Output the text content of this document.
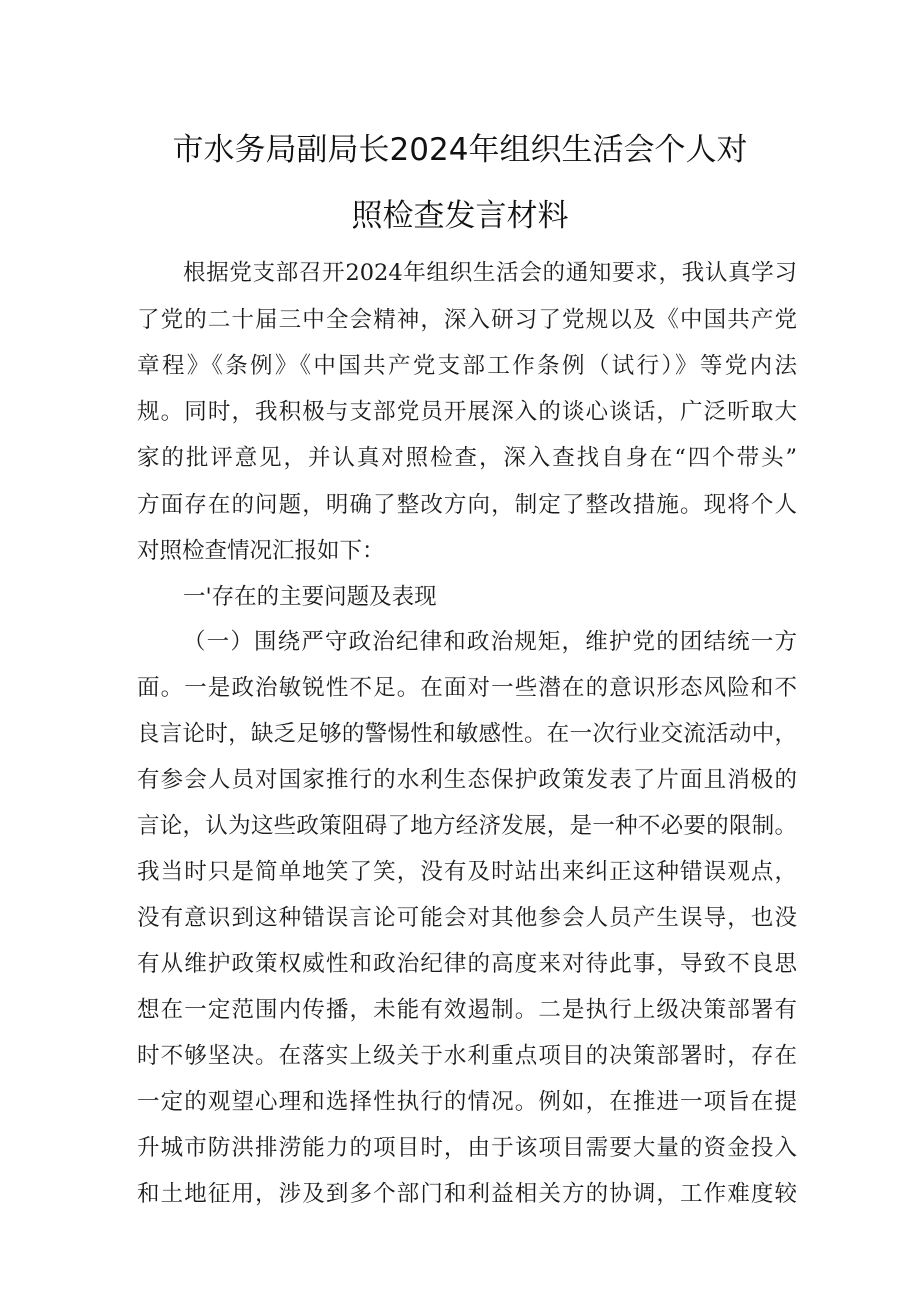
市水务局副局长2024年组织生活会个人对
照检查发言材料
根据党支部召开2024年组织生活会的通知要求，我认真学习
了党的二十届三中全会精神，深入研习了党规以及《中国共产党
章程》《条例》《中国共产党支部工作条例（试行）》等党内法
规。同时，我积极与支部党员开展深入的谈心谈话，广泛听取大
家的批评意见，并认真对照检查，深入查找自身在“四个带头”
方面存在的问题，明确了整改方向，制定了整改措施。现将个人
对照检查情况汇报如下：
一'存在的主要问题及表现
（一）围绕严守政治纪律和政治规矩，维护党的团结统一方
面。一是政治敏锐性不足。在面对一些潜在的意识形态风险和不
良言论时，缺乏足够的警惕性和敏感性。在一次行业交流活动中，
有参会人员对国家推行的水利生态保护政策发表了片面且消极的
言论，认为这些政策阻碍了地方经济发展，是一种不必要的限制。
我当时只是简单地笑了笑，没有及时站出来纠正这种错误观点，
没有意识到这种错误言论可能会对其他参会人员产生误导，也没
有从维护政策权威性和政治纪律的高度来对待此事，导致不良思
想在一定范围内传播，未能有效遏制。二是执行上级决策部署有
时不够坚决。在落实上级关于水利重点项目的决策部署时，存在
一定的观望心理和选择性执行的情况。例如，在推进一项旨在提
升城市防洪排涝能力的项目时，由于该项目需要大量的资金投入
和土地征用，涉及到多个部门和利益相关方的协调，工作难度较
